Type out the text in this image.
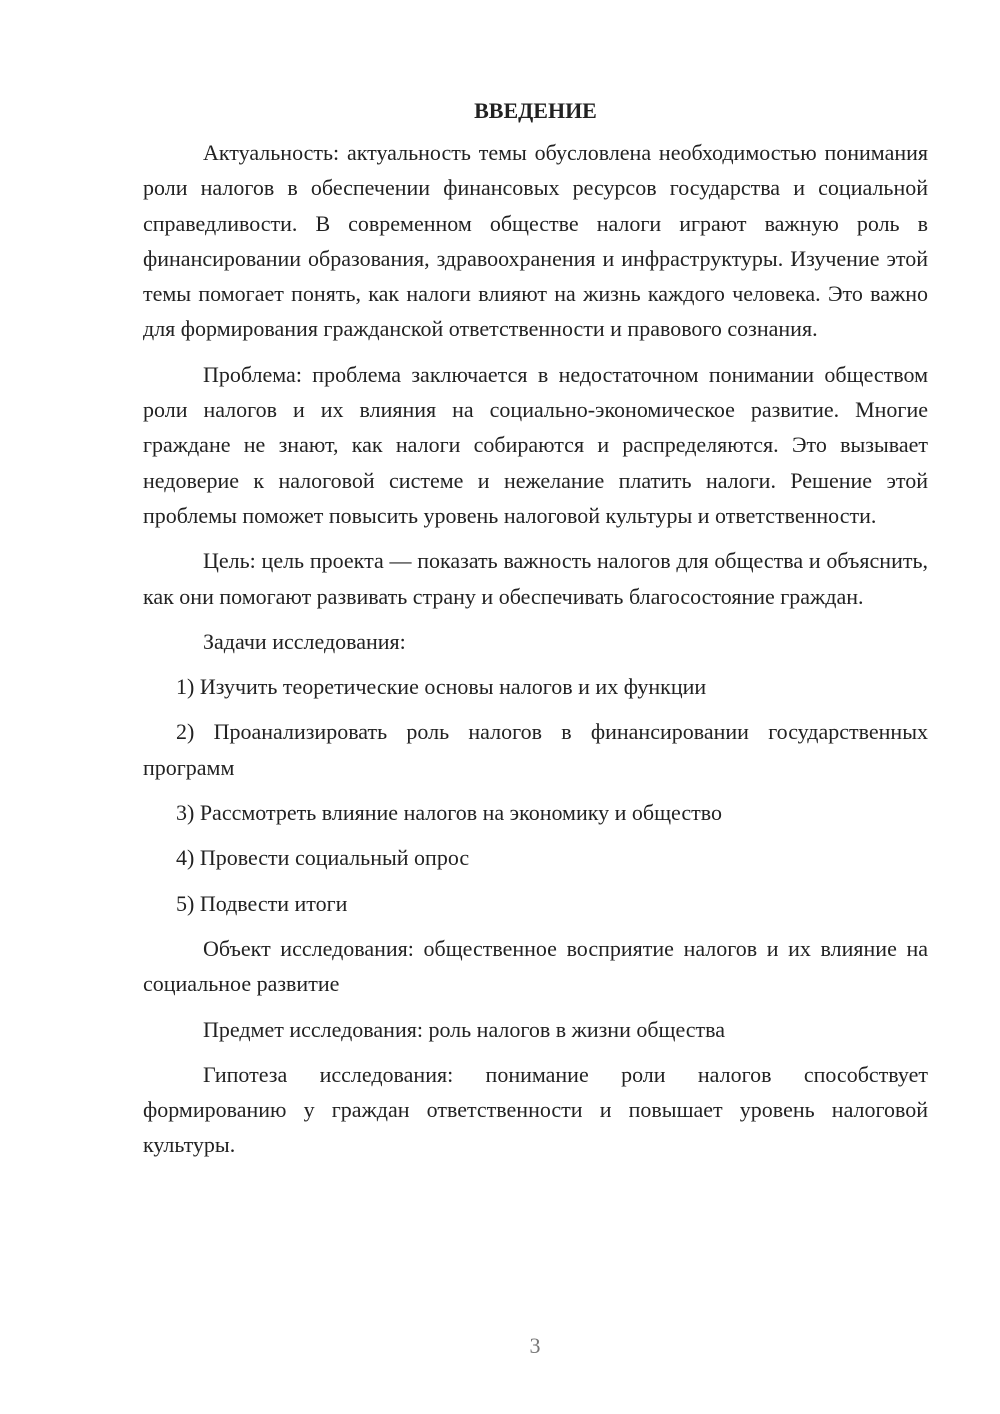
ВВЕДЕНИЕ

Актуальность: актуальность темы обусловлена необходимостью понимания роли налогов в обеспечении финансовых ресурсов государства и социальной справедливости. В современном обществе налоги играют важную роль в финансировании образования, здравоохранения и инфраструктуры. Изучение этой темы помогает понять, как налоги влияют на жизнь каждого человека. Это важно для формирования гражданской ответственности и правового сознания.

Проблема: проблема заключается в недостаточном понимании обществом роли налогов и их влияния на социально-экономическое развитие. Многие граждане не знают, как налоги собираются и распределяются. Это вызывает недоверие к налоговой системе и нежелание платить налоги. Решение этой проблемы поможет повысить уровень налоговой культуры и ответственности.

Цель: цель проекта — показать важность налогов для общества и объяснить, как они помогают развивать страну и обеспечивать благосостояние граждан.

Задачи исследования:

1) Изучить теоретические основы налогов и их функции

2) Проанализировать роль налогов в финансировании государственных программ

3) Рассмотреть влияние налогов на экономику и общество

4) Провести социальный опрос

5) Подвести итоги

Объект исследования: общественное восприятие налогов и их влияние на социальное развитие

Предмет исследования: роль налогов в жизни общества

Гипотеза исследования: понимание роли налогов способствует формированию у граждан ответственности и повышает уровень налоговой культуры.

3
